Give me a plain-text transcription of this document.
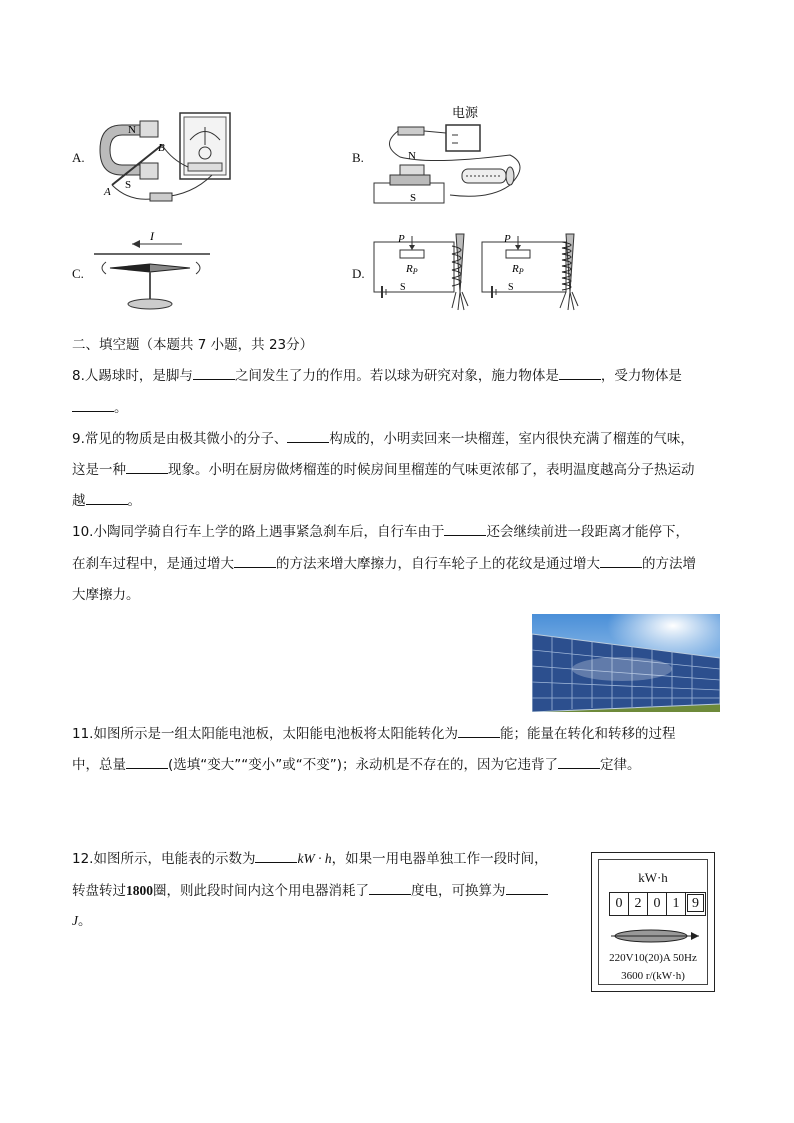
A.
N
S
B
A
B.
电源
N
S
C.
I
D.
P
RP
S
P
RP
S
二、填空题（本题共 7 小题，共 23分）
8.人踢球时，是脚与	之间发生了力的作用。若以球为研究对象，施力物体是	，受力物体是
。
9.常见的物质是由极其微小的分子、	构成的，小明卖回来一块榴莲，室内很快充满了榴莲的气味，
这是一种	现象。小明在厨房做烤榴莲的时候房间里榴莲的气味更浓郁了，表明温度越高分子热运动
越	。
10.小陶同学骑自行车上学的路上遇事紧急刹车后，自行车由于	还会继续前进一段距离才能停下，
在刹车过程中，是通过增大	的方法来增大摩擦力，自行车轮子上的花纹是通过增大	的方法增
大摩擦力。
11.如图所示是一组太阳能电池板，太阳能电池板将太阳能转化为	能；能量在转化和转移的过程
中，总量	(选填“变大”“变小”或“不变”)；永动机是不存在的，因为它违背了	定律。
12.如图所示，电能表的示数为	kW · h，如果一用电器单独工作一段时间，
转盘转过1800圈，则此段时间内这个用电器消耗了	度电，可换算为
J。
kW·h
0 2 0 1 9
220V10(20)A 50Hz
3600 r/(kW·h)
